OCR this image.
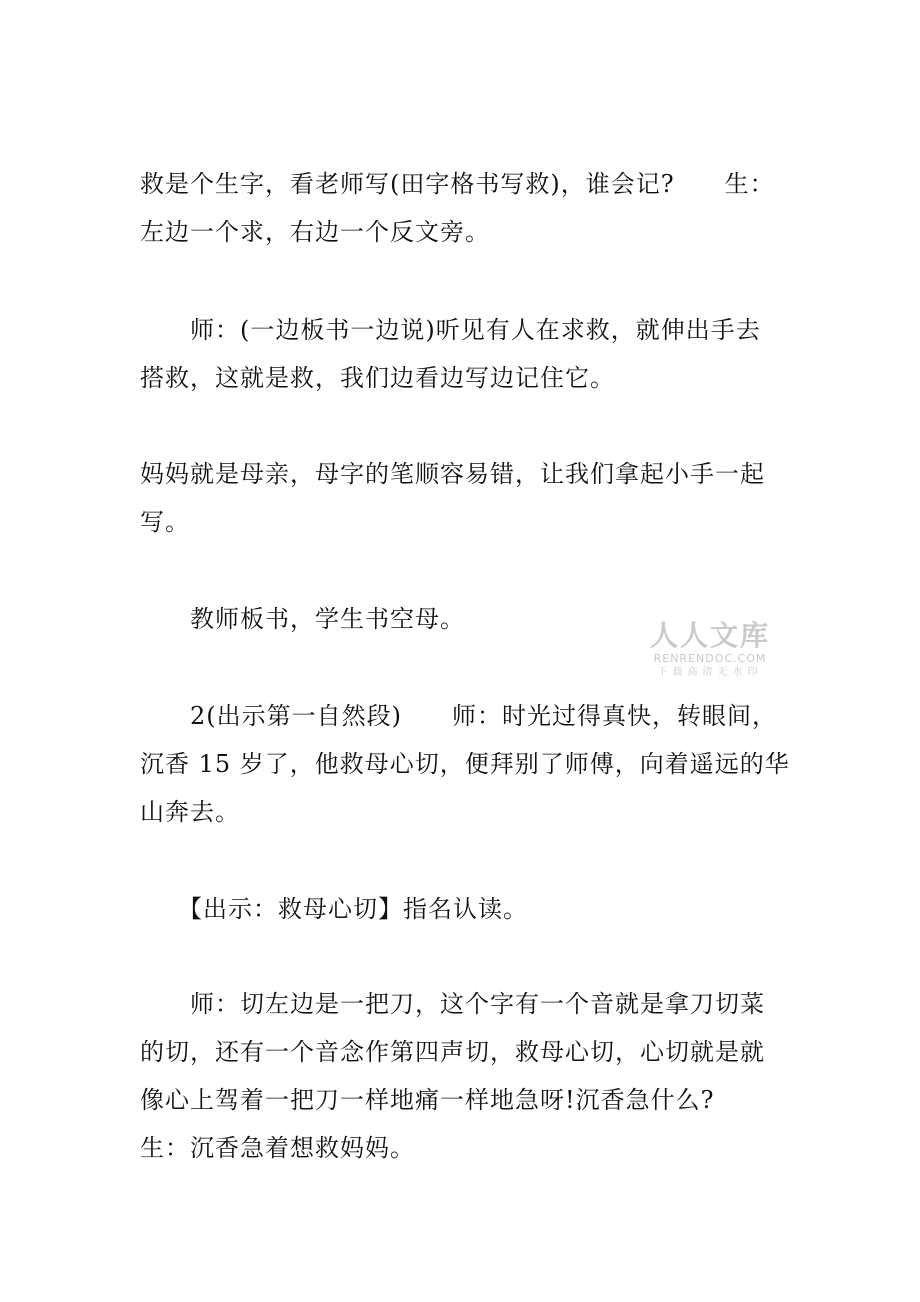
救是个生字，看老师写(田字格书写救)，谁会记?　　生：
左边一个求，右边一个反文旁。

　　师：(一边板书一边说)听见有人在求救，就伸出手去
搭救，这就是救，我们边看边写边记住它。

妈妈就是母亲，母字的笔顺容易错，让我们拿起小手一起
写。

　　教师板书，学生书空母。	人人文库
RENRENDOC.COM
下载高清无水印

　　2(出示第一自然段)　　师：时光过得真快，转眼间，
沉香 15 岁了，他救母心切，便拜别了师傅，向着遥远的华
山奔去。

　　【出示：救母心切】指名认读。

　　师：切左边是一把刀，这个字有一个音就是拿刀切菜
的切，还有一个音念作第四声切，救母心切，心切就是就
像心上驾着一把刀一样地痛一样地急呀!沉香急什么?
生：沉香急着想救妈妈。
